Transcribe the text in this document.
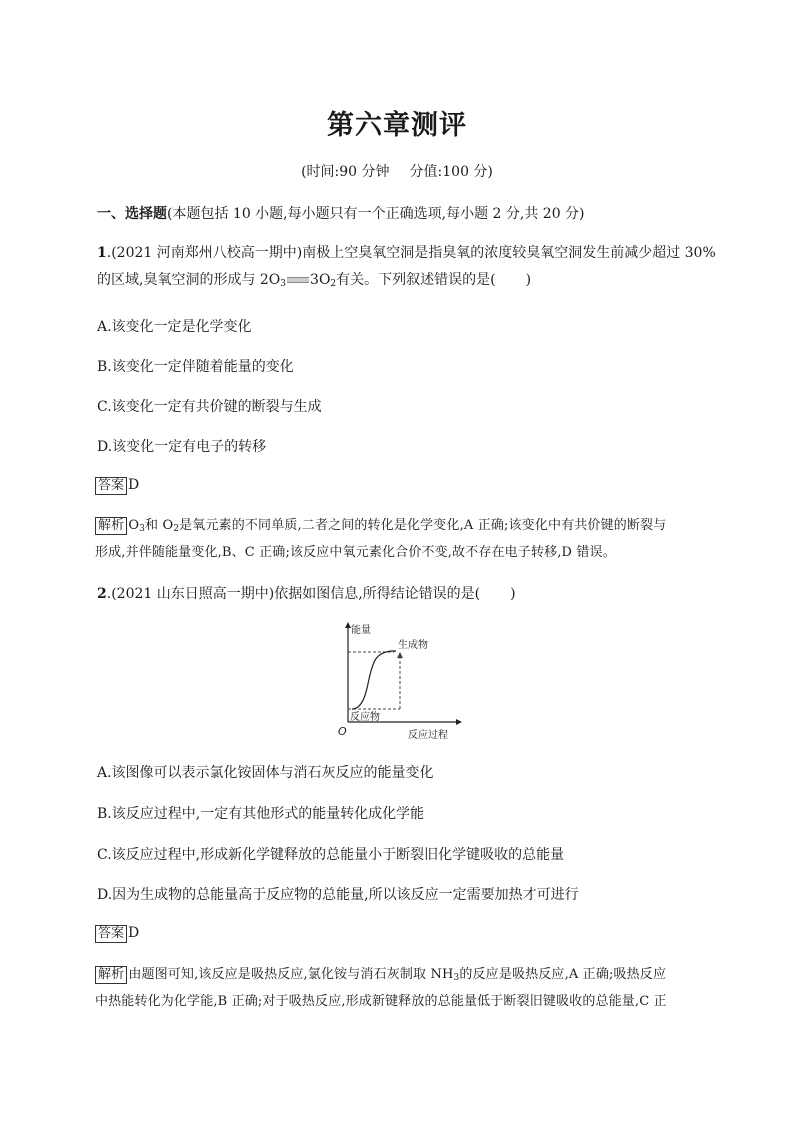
第六章测评
(时间:90 分钟 分值:100 分)
一、选择题(本题包括 10 小题,每小题只有一个正确选项,每小题 2 分,共 20 分)
1.(2021 河南郑州八校高一期中)南极上空臭氧空洞是指臭氧的浓度较臭氧空洞发生前减少超过 30%
的区域,臭氧空洞的形成与 $2O_3$ $3O_2$有关。下列叙述错误的是( )
A.该变化一定是化学变化
B.该变化一定伴随着能量的变化
C.该变化一定有共价键的断裂与生成
D.该变化一定有电子的转移
答案 D
解析 $O_3$和 $O_2$是氧元素的不同单质,二者之间的转化是化学变化,A 正确;该变化中有共价键的断裂与
形成,并伴随能量变化,B、C 正确;该反应中氧元素化合价不变,故不存在电子转移,D 错误。
2.(2021 山东日照高一期中)依据如图信息,所得结论错误的是( )
能量
生成物
反应物
O	反应过程
A.该图像可以表示氯化铵固体与消石灰反应的能量变化
B.该反应过程中,一定有其他形式的能量转化成化学能
C.该反应过程中,形成新化学键释放的总能量小于断裂旧化学键吸收的总能量
D.因为生成物的总能量高于反应物的总能量,所以该反应一定需要加热才可进行
答案 D
解析 由题图可知,该反应是吸热反应,氯化铵与消石灰制取 $NH_3$的反应是吸热反应,A 正确;吸热反应
中热能转化为化学能,B 正确;对于吸热反应,形成新键释放的总能量低于断裂旧键吸收的总能量,C 正
